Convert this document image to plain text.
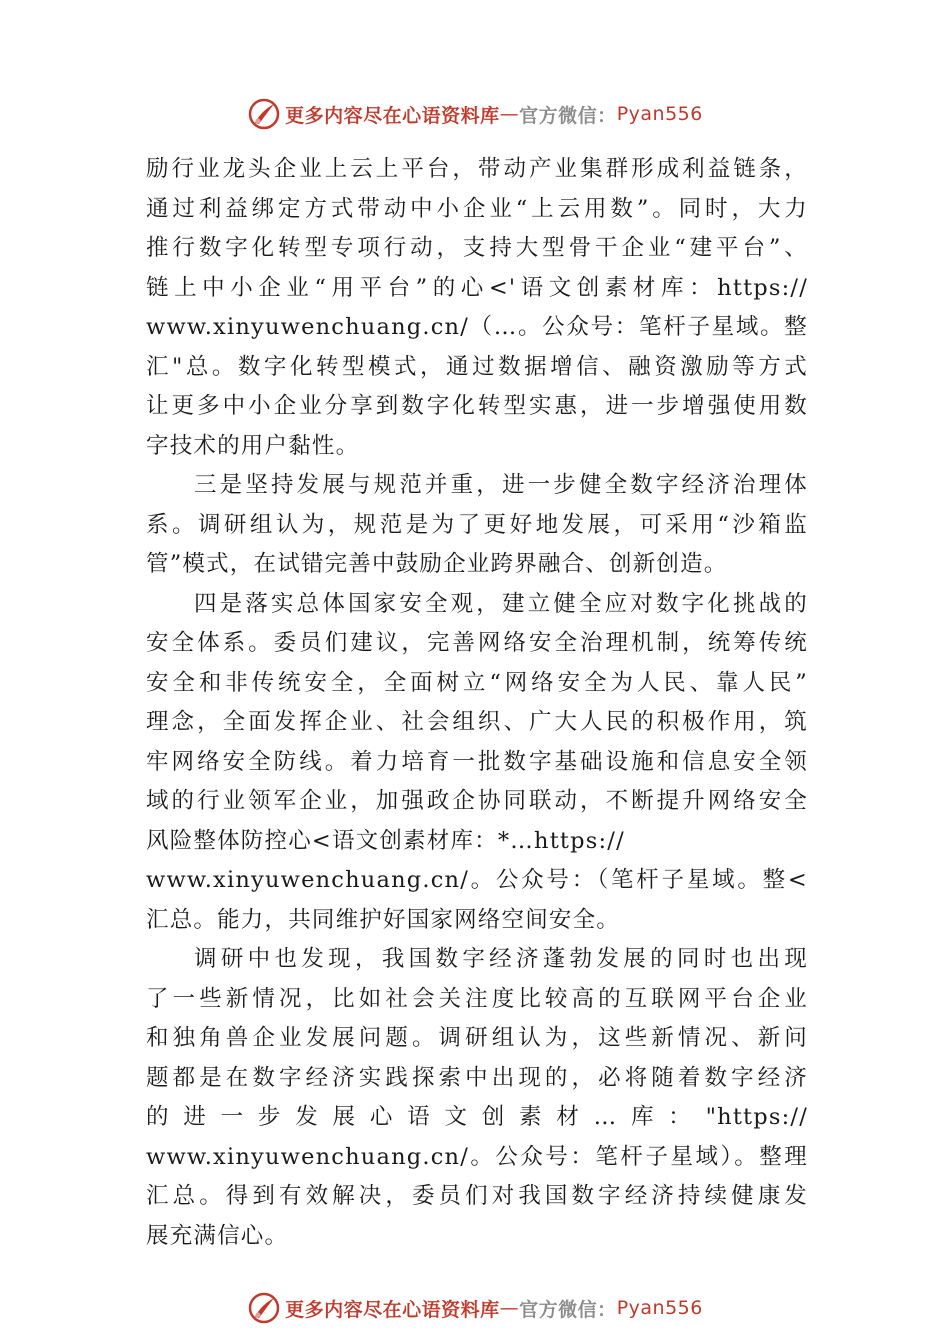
更多内容尽在心语资料库 — 官方微信： Pyan556
励行业龙头企业上云上平台，带动产业集群形成利益链条，
通过利益绑定方式带动中小企业“上云用数”。同时，大力
推行数字化转型专项行动，支持大型骨干企业“建平台”、
链上中小企业“用平台”的心<'语文创素材库：https://
www.xinyuwenchuang.cn/（…。公众号：笔杆子星域。整
汇"总。数字化转型模式，通过数据增信、融资激励等方式
让更多中小企业分享到数字化转型实惠，进一步增强使用数
字技术的用户黏性。
三是坚持发展与规范并重，进一步健全数字经济治理体
系。调研组认为，规范是为了更好地发展，可采用“沙箱监
管”模式，在试错完善中鼓励企业跨界融合、创新创造。
四是落实总体国家安全观，建立健全应对数字化挑战的
安全体系。委员们建议，完善网络安全治理机制，统筹传统
安全和非传统安全，全面树立“网络安全为人民、靠人民”
理念，全面发挥企业、社会组织、广大人民的积极作用，筑
牢网络安全防线。着力培育一批数字基础设施和信息安全领
域的行业领军企业，加强政企协同联动，不断提升网络安全
风险整体防控心<语文创素材库：*…https://
www.xinyuwenchuang.cn/。公众号：（笔杆子星域。整<
汇总。能力，共同维护好国家网络空间安全。
调研中也发现，我国数字经济蓬勃发展的同时也出现
了一些新情况，比如社会关注度比较高的互联网平台企业
和独角兽企业发展问题。调研组认为，这些新情况、新问
题都是在数字经济实践探索中出现的，必将随着数字经济
的进一步发展心语文创素材…库："https://
www.xinyuwenchuang.cn/。公众号：笔杆子星域）。整理
汇总。得到有效解决，委员们对我国数字经济持续健康发
展充满信心。
更多内容尽在心语资料库 — 官方微信： Pyan556
